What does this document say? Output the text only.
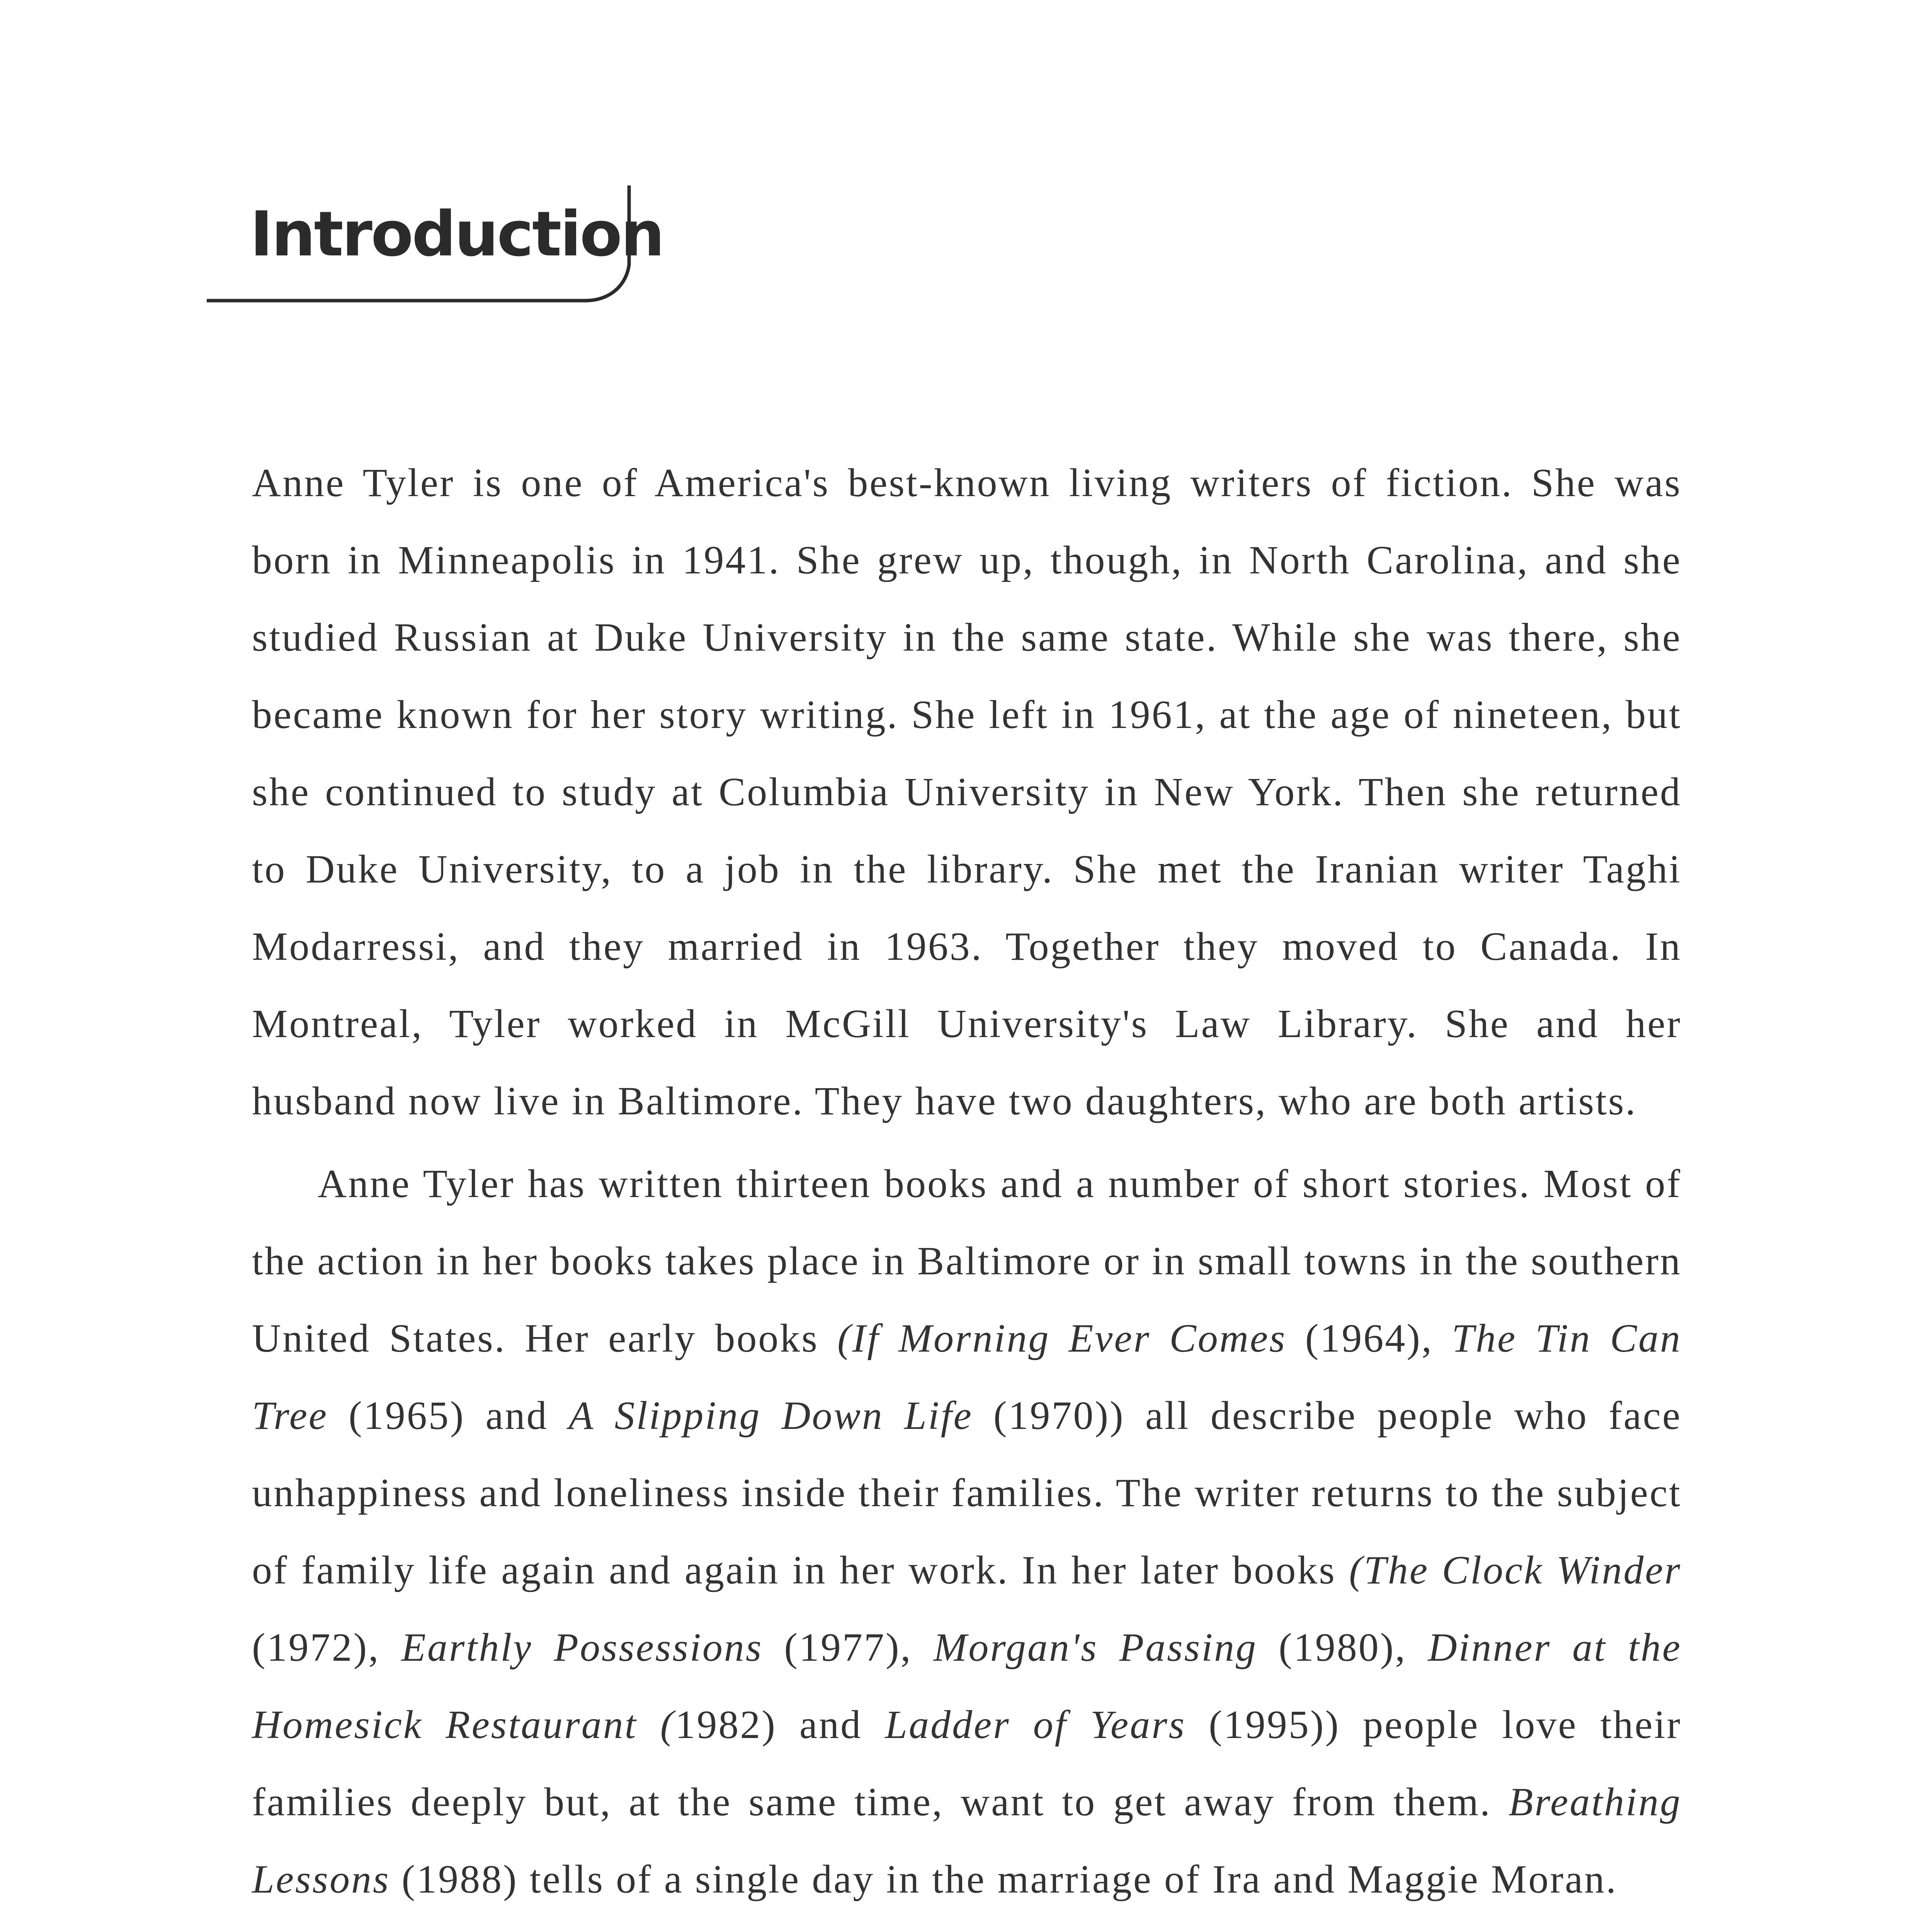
Introduction

Anne Tyler is one of America's best-known living writers of fiction. She was born in Minneapolis in 1941. She grew up, though, in North Carolina, and she studied Russian at Duke University in the same state. While she was there, she became known for her story writing. She left in 1961, at the age of nineteen, but she continued to study at Columbia University in New York. Then she returned to Duke University, to a job in the library. She met the Iranian writer Taghi Modarressi, and they married in 1963. Together they moved to Canada. In Montreal, Tyler worked in McGill University's Law Library. She and her husband now live in Baltimore. They have two daughters, who are both artists.

Anne Tyler has written thirteen books and a number of short stories. Most of the action in her books takes place in Baltimore or in small towns in the southern United States. Her early books (If Morning Ever Comes (1964), The Tin Can Tree (1965) and A Slipping Down Life (1970)) all describe people who face unhappiness and loneliness inside their families. The writer returns to the subject of family life again and again in her work. In her later books (The Clock Winder (1972), Earthly Possessions (1977), Morgan's Passing (1980), Dinner at the Homesick Restaurant (1982) and Ladder of Years (1995)) people love their families deeply but, at the same time, want to get away from them. Breathing Lessons (1988) tells of a single day in the marriage of Ira and Maggie Moran.
